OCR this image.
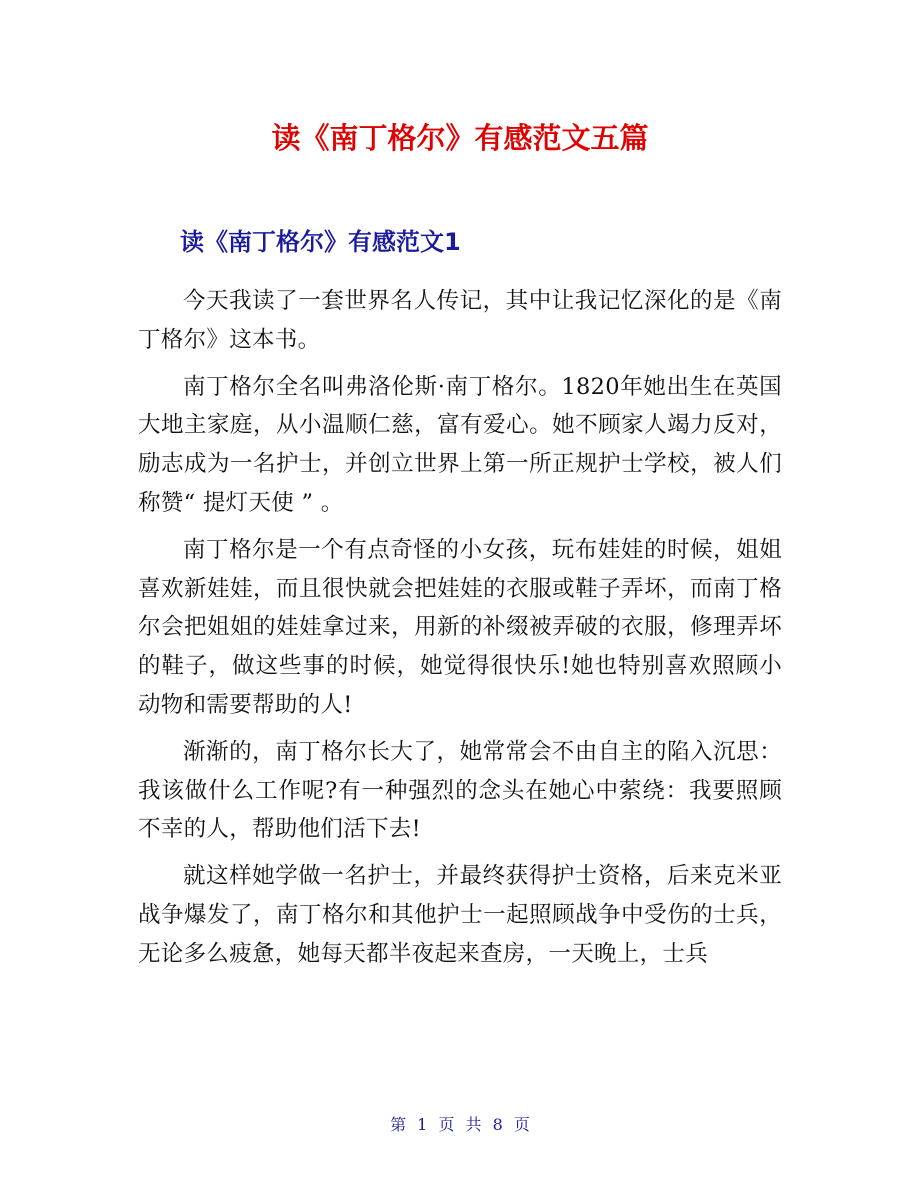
读《南丁格尔》有感范文五篇
读《南丁格尔》有感范文1

今天我读了一套世界名人传记，其中让我记忆深化的是《南丁格尔》这本书。

南丁格尔全名叫弗洛伦斯·南丁格尔。1820年她出生在英国大地主家庭，从小温顺仁慈，富有爱心。她不顾家人竭力反对，励志成为一名护士，并创立世界上第一所正规护士学校，被人们称赞“ 提灯天使 ” 。

南丁格尔是一个有点奇怪的小女孩，玩布娃娃的时候，姐姐喜欢新娃娃，而且很快就会把娃娃的衣服或鞋子弄坏，而南丁格尔会把姐姐的娃娃拿过来，用新的补缀被弄破的衣服，修理弄坏的鞋子，做这些事的时候，她觉得很快乐!她也特别喜欢照顾小动物和需要帮助的人!

渐渐的，南丁格尔长大了，她常常会不由自主的陷入沉思：我该做什么工作呢?有一种强烈的念头在她心中萦绕：我要照顾不幸的人，帮助他们活下去!

就这样她学做一名护士，并最终获得护士资格，后来克米亚战争爆发了，南丁格尔和其他护士一起照顾战争中受伤的士兵，无论多么疲惫，她每天都半夜起来查房，一天晚上，士兵

第 1 页 共 8 页
